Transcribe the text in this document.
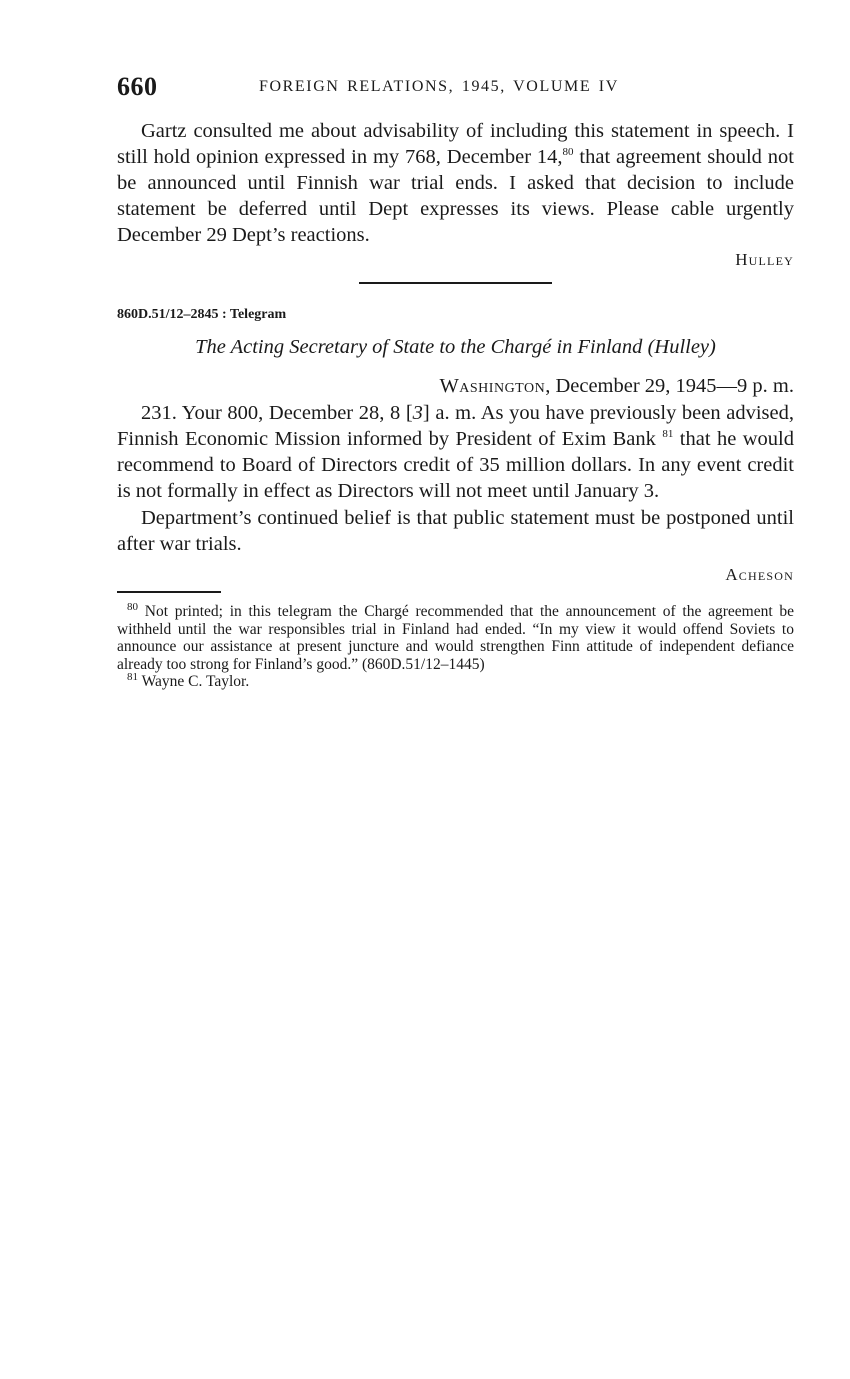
660	FOREIGN RELATIONS, 1945, VOLUME IV

Gartz consulted me about advisability of including this statement in speech. I still hold opinion expressed in my 768, December 14,80 that agreement should not be announced until Finnish war trial ends. I asked that decision to include statement be deferred until Dept expresses its views. Please cable urgently December 29 Dept’s reactions.

Hulley

860D.51/12–2845 : Telegram

The Acting Secretary of State to the Chargé in Finland (Hulley)

Washington, December 29, 1945—9 p. m.

231. Your 800, December 28, 8 [3] a. m. As you have previously been advised, Finnish Economic Mission informed by President of Exim Bank $^{81}$ that he would recommend to Board of Directors credit of 35 million dollars. In any event credit is not formally in effect as Directors will not meet until January 3.

Department’s continued belief is that public statement must be postponed until after war trials.

Acheson

$^{80}$ Not printed; in this telegram the Chargé recommended that the announcement of the agreement be withheld until the war responsibles trial in Finland had ended. “In my view it would offend Soviets to announce our assistance at present juncture and would strengthen Finn attitude of independent defiance already too strong for Finland’s good.” (860D.51/12–1445)

$^{81}$ Wayne C. Taylor.
